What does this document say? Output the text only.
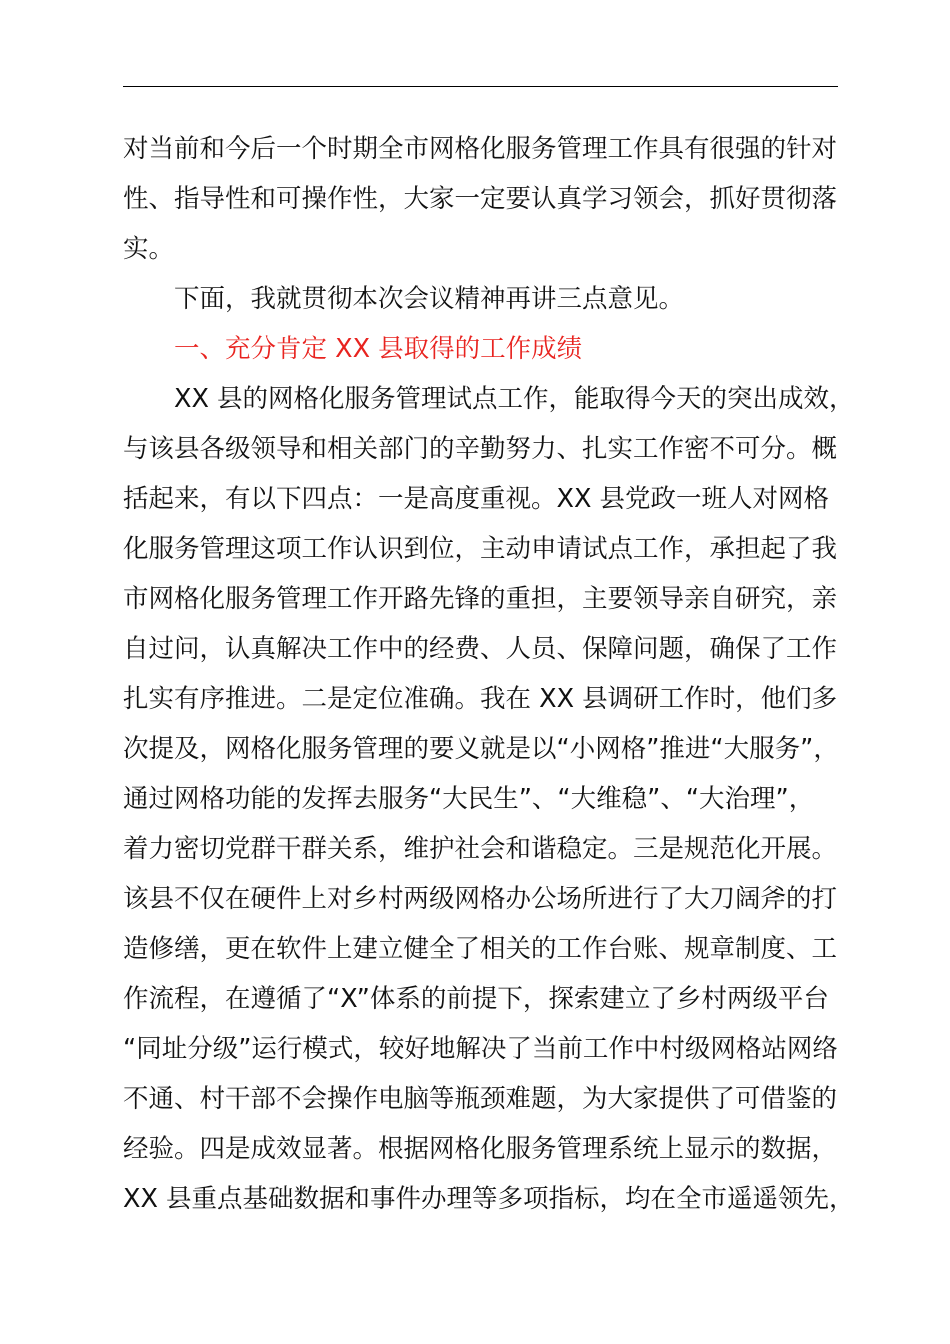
对当前和今后一个时期全市网格化服务管理工作具有很强的针对
性、指导性和可操作性，大家一定要认真学习领会，抓好贯彻落
实。
下面，我就贯彻本次会议精神再讲三点意见。
一、充分肯定 XX 县取得的工作成绩
XX 县的网格化服务管理试点工作，能取得今天的突出成效，
与该县各级领导和相关部门的辛勤努力、扎实工作密不可分。概
括起来，有以下四点：一是高度重视。XX 县党政一班人对网格
化服务管理这项工作认识到位，主动申请试点工作，承担起了我
市网格化服务管理工作开路先锋的重担，主要领导亲自研究，亲
自过问，认真解决工作中的经费、人员、保障问题，确保了工作
扎实有序推进。二是定位准确。我在 XX 县调研工作时，他们多
次提及，网格化服务管理的要义就是以“小网格”推进“大服务”，
通过网格功能的发挥去服务“大民生”、“大维稳”、“大治理”，
着力密切党群干群关系，维护社会和谐稳定。三是规范化开展。
该县不仅在硬件上对乡村两级网格办公场所进行了大刀阔斧的打
造修缮，更在软件上建立健全了相关的工作台账、规章制度、工
作流程，在遵循了“X”体系的前提下，探索建立了乡村两级平台
“同址分级”运行模式，较好地解决了当前工作中村级网格站网络
不通、村干部不会操作电脑等瓶颈难题，为大家提供了可借鉴的
经验。四是成效显著。根据网格化服务管理系统上显示的数据，
XX 县重点基础数据和事件办理等多项指标，均在全市遥遥领先，
